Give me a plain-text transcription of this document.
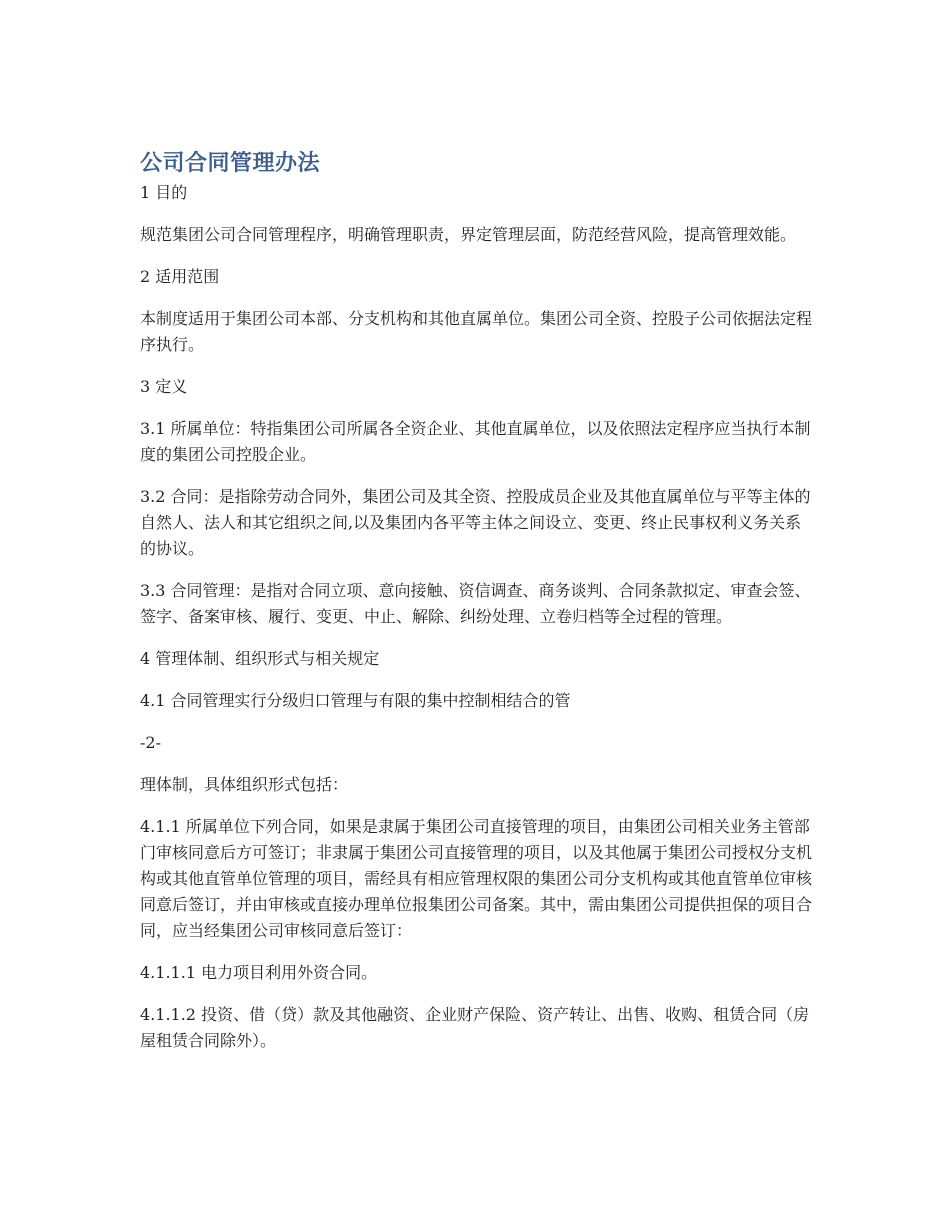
公司合同管理办法

1 目的

规范集团公司合同管理程序，明确管理职责，界定管理层面，防范经营风险，提高管理效能。

2 适用范围

本制度适用于集团公司本部、分支机构和其他直属单位。集团公司全资、控股子公司依据法定程序执行。

3 定义

3.1 所属单位：特指集团公司所属各全资企业、其他直属单位，以及依照法定程序应当执行本制度的集团公司控股企业。

3.2 合同：是指除劳动合同外，集团公司及其全资、控股成员企业及其他直属单位与平等主体的自然人、法人和其它组织之间,以及集团内各平等主体之间设立、变更、终止民事权利义务关系的协议。

3.3 合同管理：是指对合同立项、意向接触、资信调查、商务谈判、合同条款拟定、审查会签、签字、备案审核、履行、变更、中止、解除、纠纷处理、立卷归档等全过程的管理。

4 管理体制、组织形式与相关规定

4.1 合同管理实行分级归口管理与有限的集中控制相结合的管

-2-

理体制，具体组织形式包括：

4.1.1 所属单位下列合同，如果是隶属于集团公司直接管理的项目，由集团公司相关业务主管部门审核同意后方可签订；非隶属于集团公司直接管理的项目，以及其他属于集团公司授权分支机构或其他直管单位管理的项目，需经具有相应管理权限的集团公司分支机构或其他直管单位审核同意后签订，并由审核或直接办理单位报集团公司备案。其中，需由集团公司提供担保的项目合同，应当经集团公司审核同意后签订：

4.1.1.1 电力项目利用外资合同。

4.1.1.2 投资、借（贷）款及其他融资、企业财产保险、资产转让、出售、收购、租赁合同（房屋租赁合同除外）。
